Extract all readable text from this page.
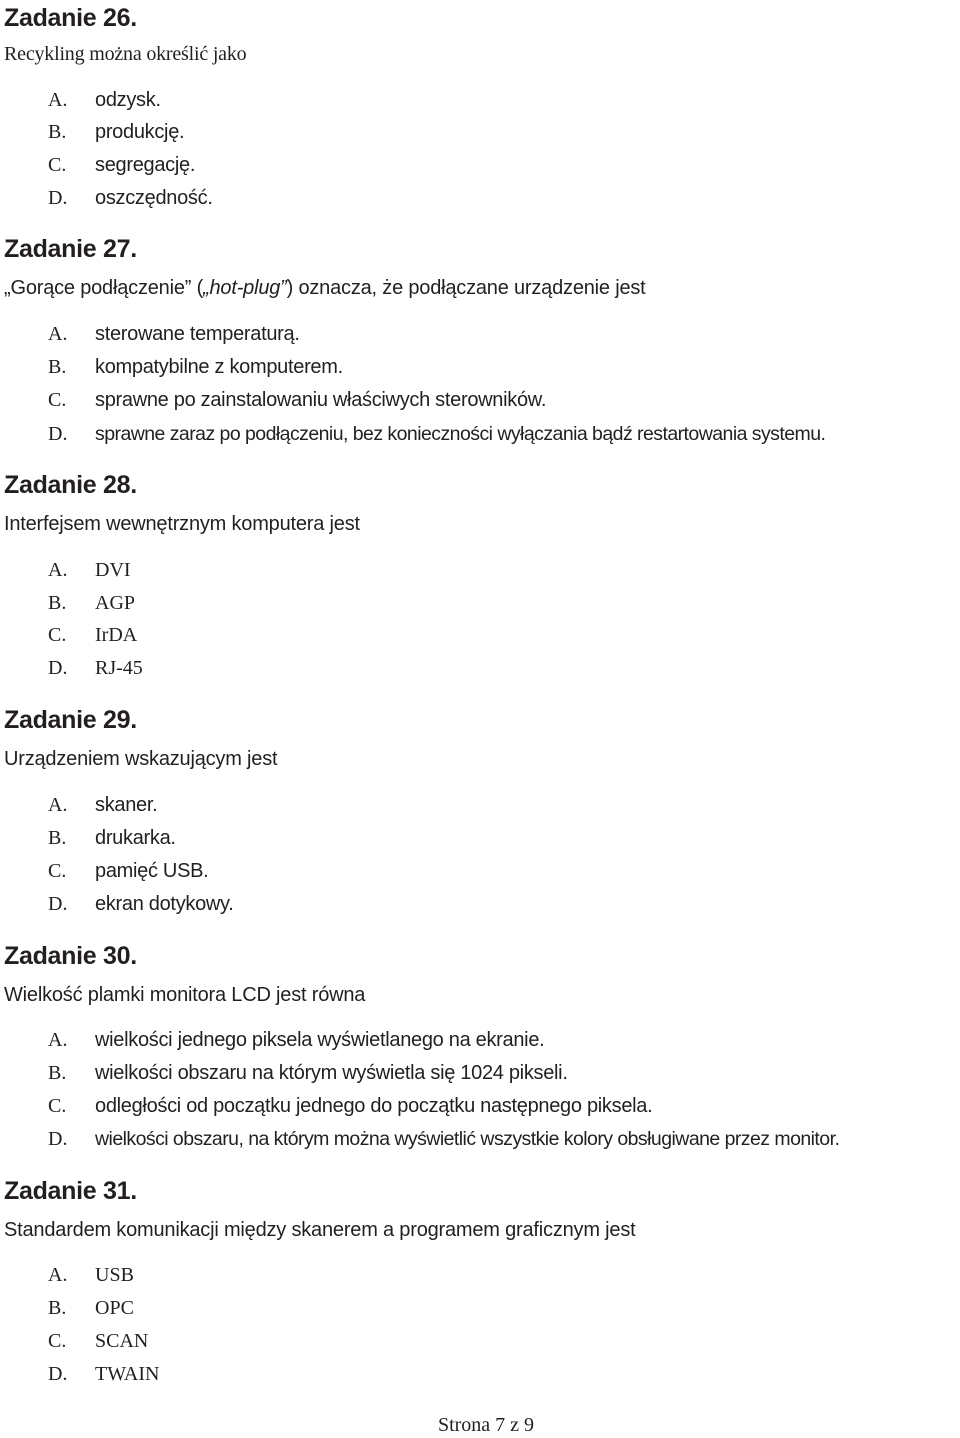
Zadanie 26.

Recykling można określić jako

A.	odzysk.
B.	produkcję.
C.	segregację.
D.	oszczędność.
Zadanie 27.

„Gorące podłączenie” („hot-plug”) oznacza, że podłączane urządzenie jest

A.	sterowane temperaturą.
B.	kompatybilne z komputerem.
C.	sprawne po zainstalowaniu właściwych sterowników.
D.	sprawne zaraz po podłączeniu, bez konieczności wyłączania bądź restartowania systemu.
Zadanie 28.

Interfejsem wewnętrznym komputera jest

A.	DVI
B.	AGP
C.	IrDA
D.	RJ-45
Zadanie 29.

Urządzeniem wskazującym jest

A.	skaner.
B.	drukarka.
C.	pamięć USB.
D.	ekran dotykowy.
Zadanie 30.

Wielkość plamki monitora LCD jest równa

A.	wielkości jednego piksela wyświetlanego na ekranie.
B.	wielkości obszaru na którym wyświetla się 1024 pikseli.
C.	odległości od początku jednego do początku następnego piksela.
D.	wielkości obszaru, na którym można wyświetlić wszystkie kolory obsługiwane przez monitor.
Zadanie 31.

Standardem komunikacji między skanerem a programem graficznym jest

A.	USB
B.	OPC
C.	SCAN
D.	TWAIN
Strona 7 z 9
